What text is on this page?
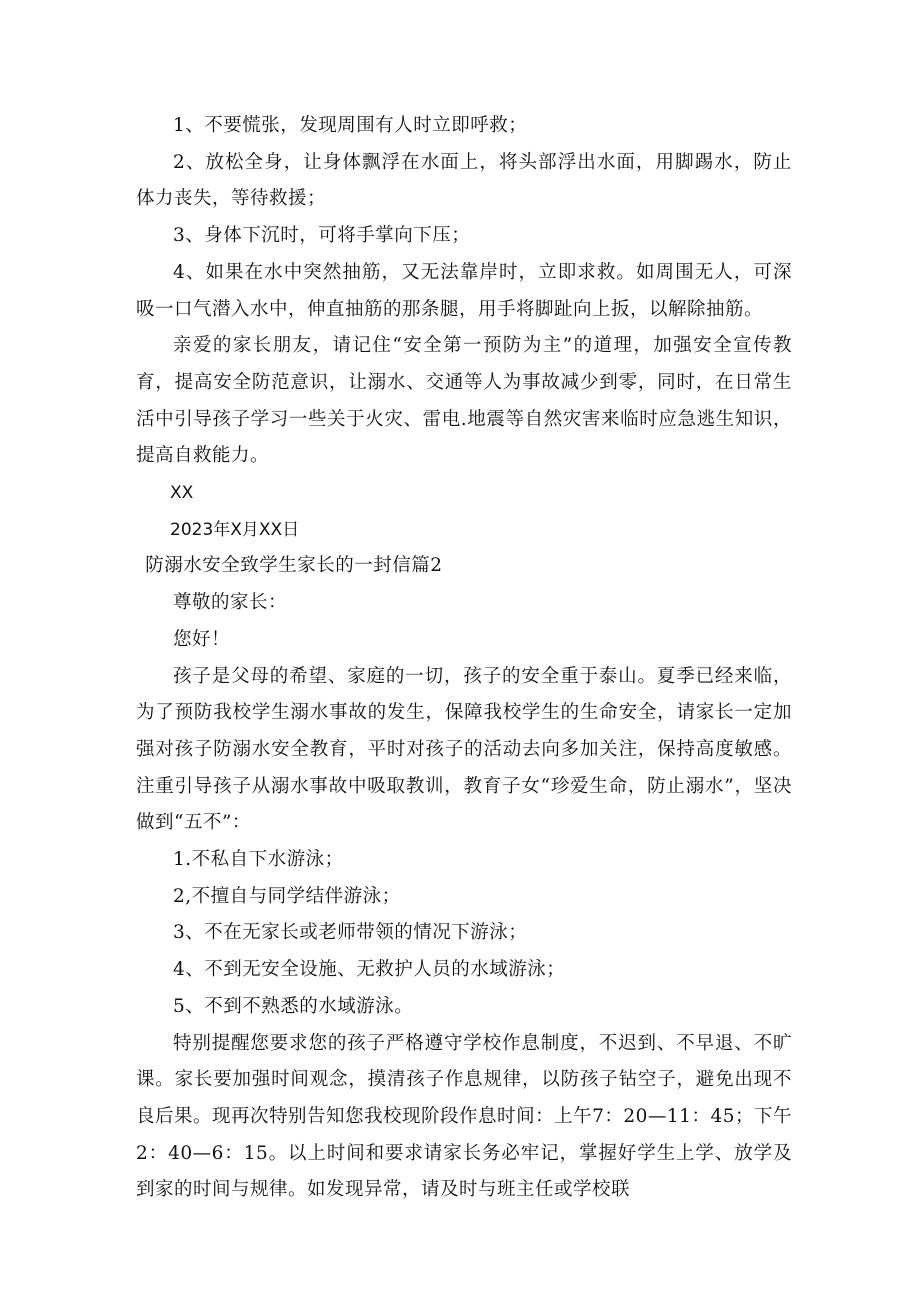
1、不要慌张，发现周围有人时立即呼救；

2、放松全身，让身体飘浮在水面上，将头部浮出水面，用脚踢水，防止体力丧失，等待救援；

3、身体下沉时，可将手掌向下压；

4、如果在水中突然抽筋，又无法靠岸时，立即求救。如周围无人，可深吸一口气潜入水中，伸直抽筋的那条腿，用手将脚趾向上扳，以解除抽筋。

亲爱的家长朋友，请记住“安全第一预防为主”的道理，加强安全宣传教育，提高安全防范意识，让溺水、交通等人为事故减少到零，同时，在日常生活中引导孩子学习一些关于火灾、雷电.地震等自然灾害来临时应急逃生知识，提高自救能力。

XX

2023年X月XX日

防溺水安全致学生家长的一封信篇2

尊敬的家长：

您好！

孩子是父母的希望、家庭的一切，孩子的安全重于泰山。夏季已经来临，为了预防我校学生溺水事故的发生，保障我校学生的生命安全，请家长一定加强对孩子防溺水安全教育，平时对孩子的活动去向多加关注，保持高度敏感。注重引导孩子从溺水事故中吸取教训，教育子女“珍爱生命，防止溺水”，坚决做到“五不”：

1.不私自下水游泳；

2,不擅自与同学结伴游泳；

3、不在无家长或老师带领的情况下游泳；

4、不到无安全设施、无救护人员的水域游泳；

5、不到不熟悉的水域游泳。

特别提醒您要求您的孩子严格遵守学校作息制度，不迟到、不早退、不旷课。家长要加强时间观念，摸清孩子作息规律，以防孩子钻空子，避免出现不良后果。现再次特别告知您我校现阶段作息时间：上午7：20—11：45；下午2：40—6：15。以上时间和要求请家长务必牢记，掌握好学生上学、放学及到家的时间与规律。如发现异常，请及时与班主任或学校联
